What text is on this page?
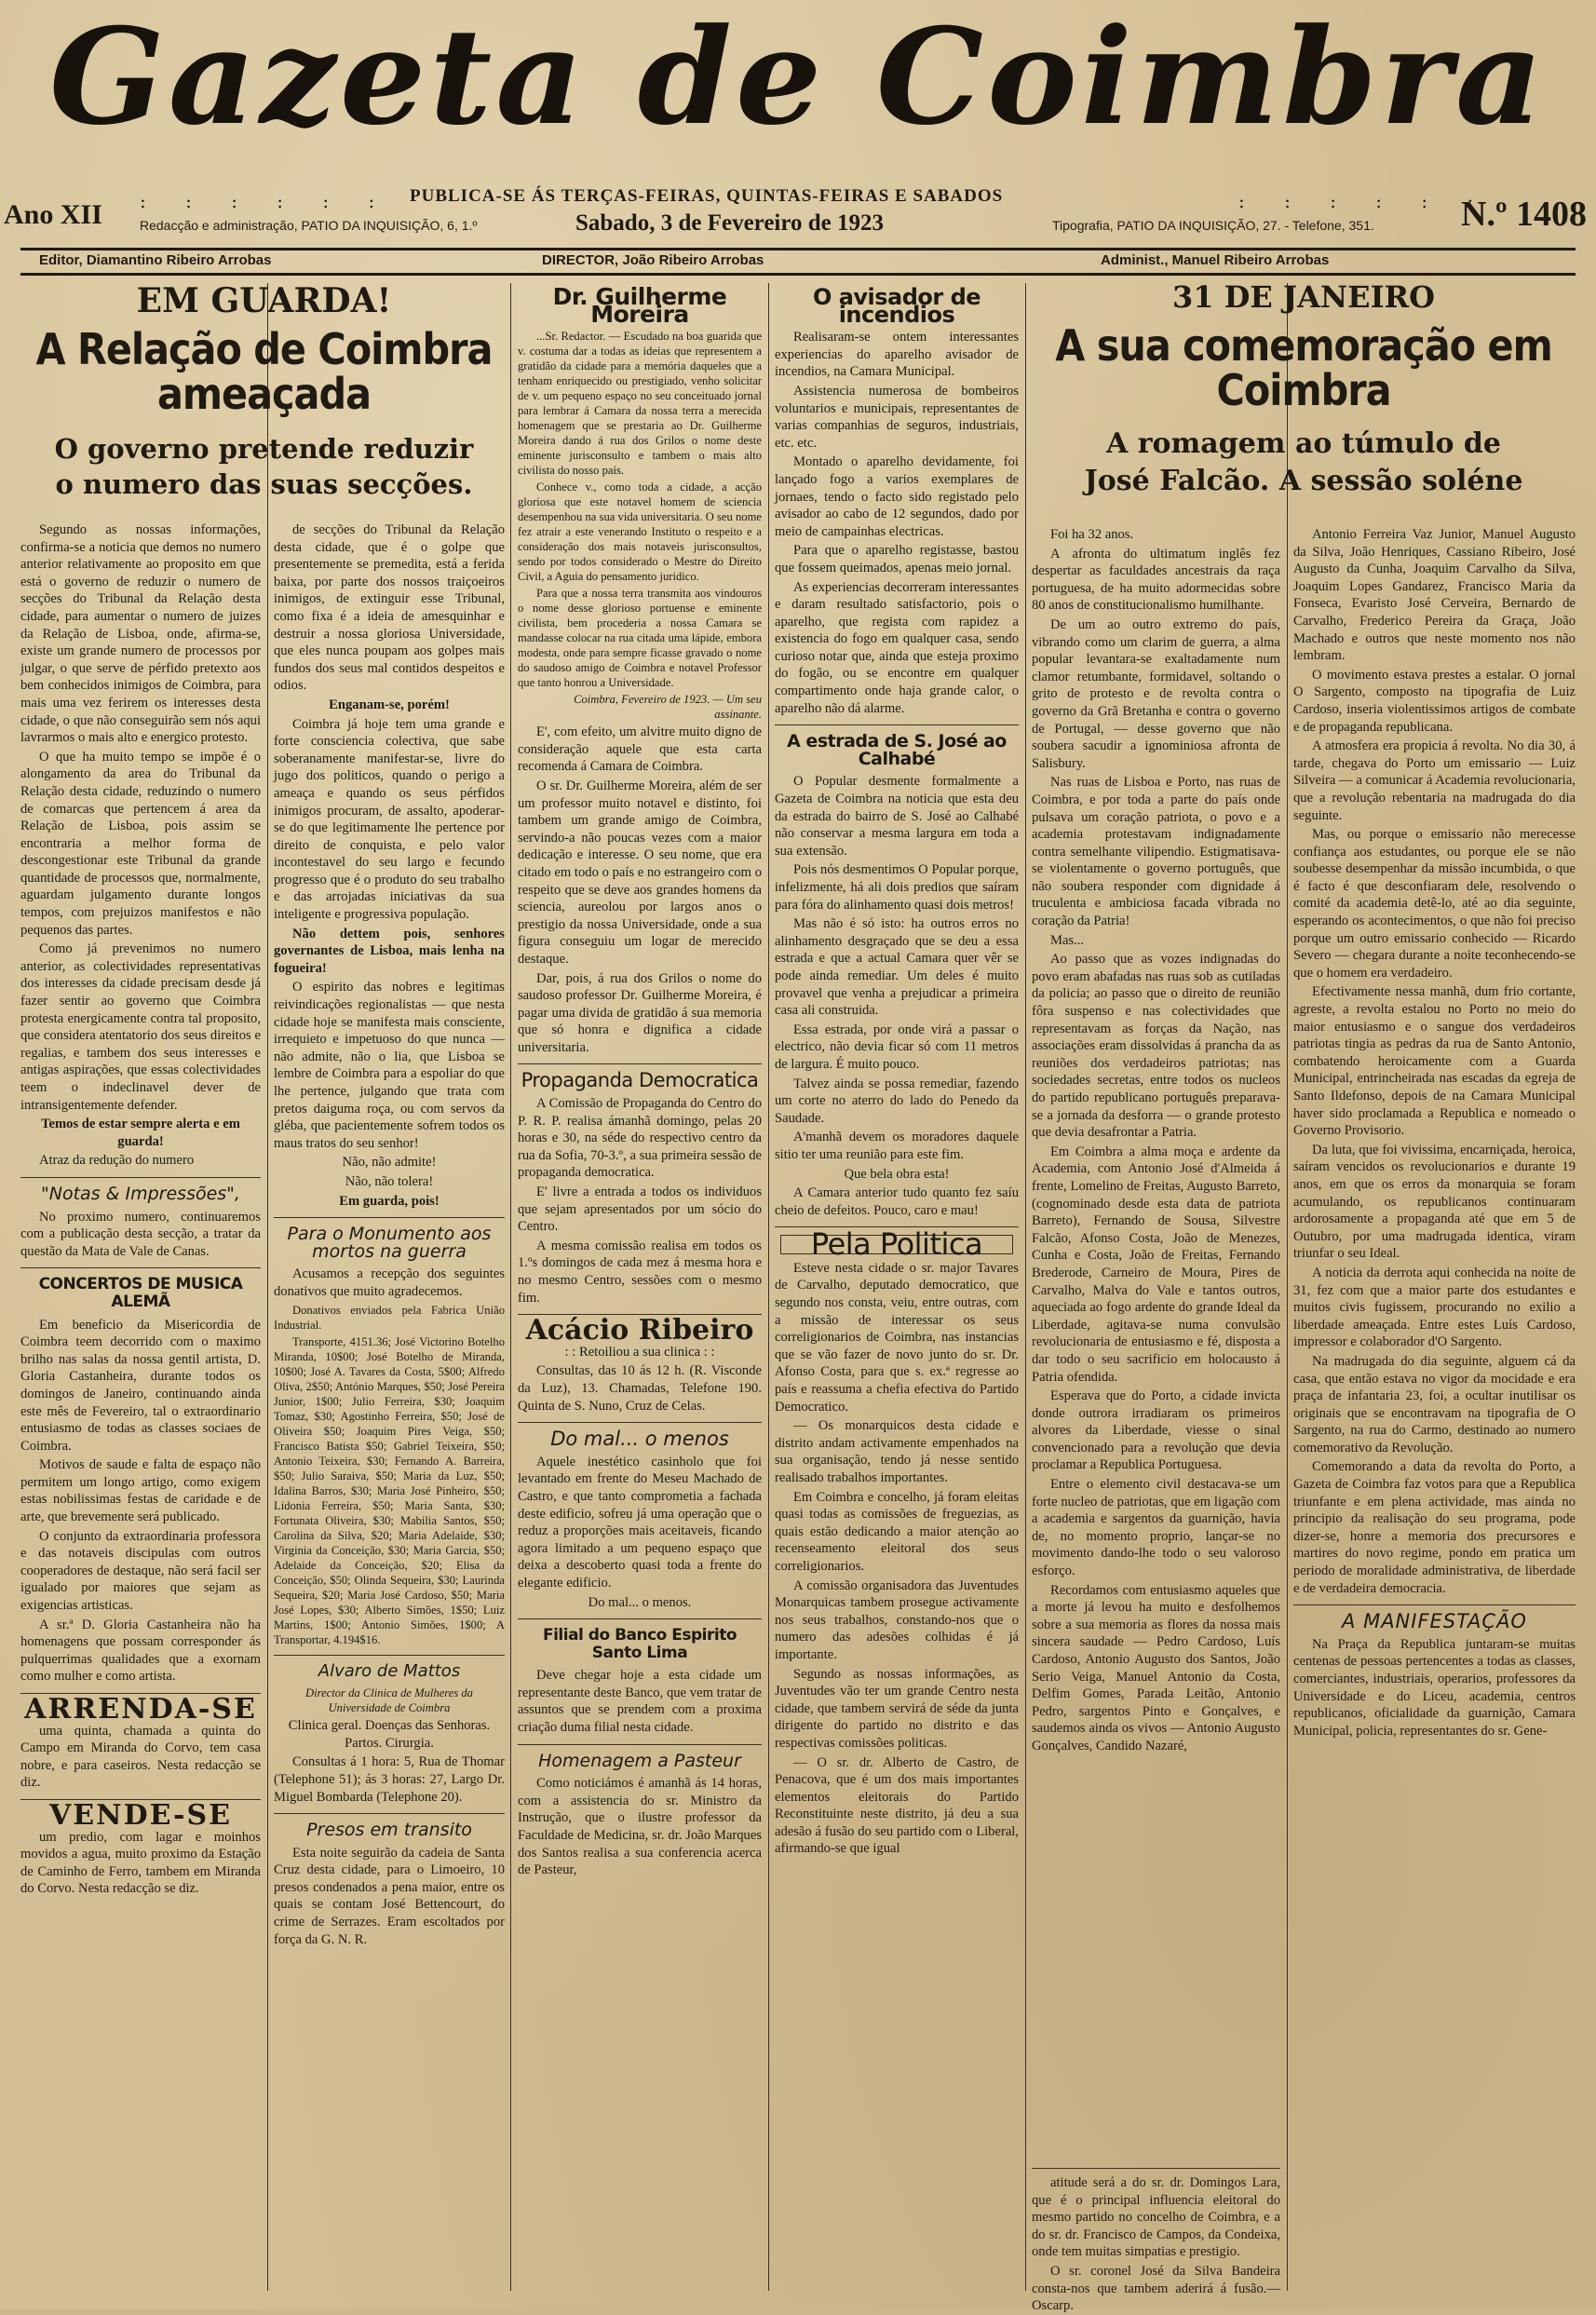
Gazeta de Coimbra
Ano XII : : : : : : PUBLICA-SE ÁS TERÇAS-FEIRAS, QUINTAS-FEIRAS E SABADOS	: : : : : :
N.º 1408
Redacção e administração, PATIO DA INQUISIÇÃO, 6, 1.º	Sabado, 3 de Fevereiro de 1923	Tipografia, PATIO DA INQUISIÇÃO, 27. - Telefone, 351.
Editor, Diamantino Ribeiro Arrobas	DIRECTOR, João Ribeiro Arrobas	Administ., Manuel Ribeiro Arrobas
EM GUARDA!
A Relação de Coimbra ameaçada
O governo pretende reduzir o numero das suas secções.

Segundo as nossas informações, confirma-se a noticia que demos no numero anterior relativamente ao proposito em que está o governo de reduzir o numero de secções do Tribunal da Relação desta cidade, para aumentar o numero de juizes da Relação de Lisboa, onde, afirma-se, existe um grande numero de processos por julgar, o que serve de pérfido pretexto aos bem conhecidos inimigos de Coimbra, para mais uma vez ferirem os interesses desta cidade, o que não conseguirão sem nós aqui lavrarmos o mais alto e energico protesto.

O que ha muito tempo se impõe é o alongamento da area do Tribunal da Relação desta cidade, reduzindo o numero de comarcas que pertencem á area da Relação de Lisboa, pois assim se encontraria a melhor forma de descongestionar este Tribunal da grande quantidade de processos que, normalmente, aguardam julgamento durante longos tempos, com prejuizos manifestos e não pequenos das partes.

Como já prevenimos no numero anterior, as colectividades representativas dos interesses da cidade precisam desde já fazer sentir ao governo que Coimbra protesta energicamente contra tal proposito, que considera atentatorio dos seus direitos e regalias, e tambem dos seus interesses e antigas aspirações, que essas colectividades teem o indeclinavel dever de intransigentemente defender.

Temos de estar sempre alerta e em guarda!

Atraz da redução do numero

"Notas & Impressões",

No proximo numero, continuaremos com a publicação desta secção, a tratar da questão da Mata de Vale de Canas.

CONCERTOS DE MUSICA ALEMÃ

Em beneficio da Misericordia de Coimbra teem decorrido com o maximo brilho nas salas da nossa gentil artista, D. Gloria Castanheira, durante todos os domingos de Janeiro, continuando ainda este mês de Fevereiro, tal o extraordinario entusiasmo de todas as classes sociaes de Coimbra.

Motivos de saude e falta de espaço não permitem um longo artigo, como exigem estas nobilissimas festas de caridade e de arte, que brevemente será publicado.

O conjunto da extraordinaria professora e das notaveis discipulas com outros cooperadores de destaque, não será facil ser igualado por maiores que sejam as exigencias artisticas.

A sr.ª D. Gloria Castanheira não ha homenagens que possam corresponder ás pulquerrimas qualidades que a exornam como mulher e como artista.

ARRENDA-SE

uma quinta, chamada a quinta do Campo em Miranda do Corvo, tem casa nobre, e para caseiros. Nesta redacção se diz.

VENDE-SE

um predio, com lagar e moinhos movidos a agua, muito proximo da Estação de Caminho de Ferro, tambem em Miranda do Corvo. Nesta redacção se diz.

de secções do Tribunal da Relação desta cidade, que é o golpe que presentemente se premedita, está a ferida baixa, por parte dos nossos traiçoeiros inimigos, de extinguir esse Tribunal, como fixa é a ideia de amesquinhar e destruir a nossa gloriosa Universidade, que eles nunca poupam aos golpes mais fundos dos seus mal contidos despeitos e odios.

Enganam-se, porém!

Coimbra já hoje tem uma grande e forte consciencia colectiva, que sabe soberanamente manifestar-se, livre do jugo dos politicos, quando o perigo a ameaça e quando os seus pérfidos inimigos procuram, de assalto, apoderar-se do que legitimamente lhe pertence por direito de conquista, e pelo valor incontestavel do seu largo e fecundo progresso que é o produto do seu trabalho e das arrojadas iniciativas da sua inteligente e progressiva população.

Não dettem pois, senhores governantes de Lisboa, mais lenha na fogueira!

O espirito das nobres e legitimas reivindicações regionalistas — que nesta cidade hoje se manifesta mais consciente, irrequieto e impetuoso do que nunca — não admite, não o lia, que Lisboa se lembre de Coimbra para a espoliar do que lhe pertence, julgando que trata com pretos daiguma roça, ou com servos da gléba, que pacientemente sofrem todos os maus tratos do seu senhor!

Não, não admite!

Não, não tolera!

Em guarda, pois!

Para o Monumento aos mortos na guerra

Acusamos a recepção dos seguintes donativos que muito agradecemos.

Donativos enviados pela Fabrica União Industrial.

Transporte, 4151.36; José Victorino Botelho Miranda, 10$00; José Botelho de Miranda, 10$00; José A. Tavares da Costa, 5$00; Alfredo Oliva, 2$50; António Marques, $50; José Pereira Junior, 1$00; Julio Ferreira, $30; Joaquim Tomaz, $30; Agostinho Ferreira, $50; José de Oliveira $50; Joaquim Pires Veiga, $50; Francisco Batista $50; Gabriel Teixeira, $50; Antonio Teixeira, $30; Fernando A. Barreira, $50; Julio Saraiva, $50; Maria da Luz, $50; Idalina Barros, $30; Maria José Pinheiro, $50; Lidonia Ferreira, $50; Maria Santa, $30; Fortunata Oliveira, $30; Mabilia Santos, $50; Carolina da Silva, $20; Maria Adelaide, $30; Virginia da Conceição, $30; Maria Garcia, $50; Adelaide da Conceição, $20; Elisa da Conceição, $50; Olinda Sequeira, $30; Laurinda Sequeira, $20; Maria José Cardoso, $50; Maria José Lopes, $30; Alberto Simões, 1$50; Luiz Martins, 1$00; Antonio Simões, 1$00; A Transportar, 4.194$16.

Alvaro de Mattos

Director da Clinica de Mulheres da Universidade de Coimbra

Clinica geral. Doenças das Senhoras. Partos. Cirurgia.

Consultas á 1 hora: 5, Rua de Thomar (Telephone 51); ás 3 horas: 27, Largo Dr. Miguel Bombarda (Telephone 20).

Presos em transito

Esta noite seguirão da cadeia de Santa Cruz desta cidade, para o Limoeiro, 10 presos condenados a pena maior, entre os quais se contam José Bettencourt, do crime de Serrazes. Eram escoltados por força da G. N. R.

Dr. Guilherme Moreira

...Sr. Redactor. — Escudado na boa guarida que v. costuma dar a todas as ideias que representem a gratidão da cidade para a memória daqueles que a tenham enriquecido ou prestigiado, venho solicitar de v. um pequeno espaço no seu conceituado jornal para lembrar á Camara da nossa terra a merecida homenagem que se prestaria ao Dr. Guilherme Moreira dando á rua dos Grilos o nome deste eminente jurisconsulto e tambem o mais alto civilista do nosso país.

Conhece v., como toda a cidade, a acção gloriosa que este notavel homem de sciencia desempenhou na sua vida universitaria. O seu nome fez atrair a este venerando Instituto o respeito e a consideração dos mais notaveis jurisconsultos, sendo por todos considerado o Mestre do Direito Civil, a Aguia do pensamento juridico.

Para que a nossa terra transmita aos vindouros o nome desse glorioso portuense e eminente civilista, bem procederia a nossa Camara se mandasse colocar na rua citada uma lápide, embora modesta, onde para sempre ficasse gravado o nome do saudoso amigo de Coimbra e notavel Professor que tanto honrou a Universidade.

Coimbra, Fevereiro de 1923. — Um seu assinante.

E', com efeito, um alvitre muito digno de consideração aquele que esta carta recomenda á Camara de Coimbra.

O sr. Dr. Guilherme Moreira, além de ser um professor muito notavel e distinto, foi tambem um grande amigo de Coimbra, servindo-a não poucas vezes com a maior dedicação e interesse. O seu nome, que era citado em todo o país e no estrangeiro com o respeito que se deve aos grandes homens da sciencia, aureolou por largos anos o prestigio da nossa Universidade, onde a sua figura conseguiu um logar de merecido destaque.

Dar, pois, á rua dos Grilos o nome do saudoso professor Dr. Guilherme Moreira, é pagar uma divida de gratidão á sua memoria que só honra e dignifica a cidade universitaria.

Propaganda Democratica

A Comissão de Propaganda do Centro do P. R. P. realisa ámanhã domingo, pelas 20 horas e 30, na séde do respectivo centro da rua da Sofia, 70-3.º, a sua primeira sessão de propaganda democratica.

E' livre a entrada a todos os individuos que sejam apresentados por um sócio do Centro.

A mesma comissão realisa em todos os 1.ºs domingos de cada mez á mesma hora e no mesmo Centro, sessões com o mesmo fim.

Acácio Ribeiro

: : Retoiliou a sua clinica : :

Consultas, das 10 ás 12 h. (R. Visconde da Luz), 13. Chamadas, Telefone 190. Quinta de S. Nuno, Cruz de Celas.

Do mal... o menos

Aquele inestético casinholo que foi levantado em frente do Meseu Machado de Castro, e que tanto comprometia a fachada deste edificio, sofreu já uma operação que o reduz a proporções mais aceitaveis, ficando agora limitado a um pequeno espaço que deixa a descoberto quasi toda a frente do elegante edificio.

Do mal... o menos.

Filial do Banco Espirito Santo Lima

Deve chegar hoje a esta cidade um representante deste Banco, que vem tratar de assuntos que se prendem com a proxima criação duma filial nesta cidade.

Homenagem a Pasteur

Como noticiámos é amanhã ás 14 horas, com a assistencia do sr. Ministro da Instrução, que o ilustre professor da Faculdade de Medicina, sr. dr. João Marques dos Santos realisa a sua conferencia acerca de Pasteur,

O avisador de incendios

Realisaram-se ontem interessantes experiencias do aparelho avisador de incendios, na Camara Municipal.

Assistencia numerosa de bombeiros voluntarios e municipais, representantes de varias companhias de seguros, industriais, etc. etc.

Montado o aparelho devidamente, foi lançado fogo a varios exemplares de jornaes, tendo o facto sido registado pelo avisador ao cabo de 12 segundos, dado por meio de campainhas electricas.

Para que o aparelho registasse, bastou que fossem queimados, apenas meio jornal.

As experiencias decorreram interessantes e daram resultado satisfactorio, pois o aparelho, que regista com rapidez a existencia do fogo em qualquer casa, sendo curioso notar que, ainda que esteja proximo do fogão, ou se encontre em qualquer compartimento onde haja grande calor, o aparelho não dá alarme.

A estrada de S. José ao Calhabé

O Popular desmente formalmente a Gazeta de Coimbra na noticia que esta deu da estrada do bairro de S. José ao Calhabé não conservar a mesma largura em toda a sua extensão.

Pois nós desmentimos O Popular porque, infelizmente, há ali dois predios que saíram para fóra do alinhamento quasi dois metros!

Mas não é só isto: ha outros erros no alinhamento desgraçado que se deu a essa estrada e que a actual Camara quer vêr se pode ainda remediar. Um deles é muito provavel que venha a prejudicar a primeira casa ali construida.

Essa estrada, por onde virá a passar o electrico, não devia ficar só com 11 metros de largura. É muito pouco.

Talvez ainda se possa remediar, fazendo um corte no aterro do lado do Penedo da Saudade.

A'manhã devem os moradores daquele sitio ter uma reunião para este fim.

Que bela obra esta!

A Camara anterior tudo quanto fez saíu cheio de defeitos. Pouco, caro e mau!

Pela Politica

Esteve nesta cidade o sr. major Tavares de Carvalho, deputado democratico, que segundo nos consta, veiu, entre outras, com a missão de interessar os seus correligionarios de Coimbra, nas instancias que se vão fazer de novo junto do sr. Dr. Afonso Costa, para que s. ex.ª regresse ao país e reassuma a chefia efectiva do Partido Democratico.

— Os monarquicos desta cidade e distrito andam activamente empenhados na sua organisação, tendo já nesse sentido realisado trabalhos importantes.

Em Coimbra e concelho, já foram eleitas quasi todas as comissões de freguezias, as quais estão dedicando a maior atenção ao recenseamento eleitoral dos seus correligionarios.

A comissão organisadora das Juventudes Monarquicas tambem prosegue activamente nos seus trabalhos, constando-nos que o numero das adesões colhidas é já importante.

Segundo as nossas informações, as Juventudes vão ter um grande Centro nesta cidade, que tambem servirá de séde da junta dirigente do partido no distrito e das respectivas comissões politicas.

— O sr. dr. Alberto de Castro, de Penacova, que é um dos mais importantes elementos eleitorais do Partido Reconstituinte neste distrito, já deu a sua adesão á fusão do seu partido com o Liberal, afirmando-se que igual

31 DE JANEIRO
A sua comemoração em Coimbra
A romagem ao túmulo de José Falcão. A sessão soléne

Foi ha 32 anos.

A afronta do ultimatum inglês fez despertar as faculdades ancestrais da raça portuguesa, de ha muito adormecidas sobre 80 anos de constitucionalismo humilhante.

De um ao outro extremo do país, vibrando como um clarim de guerra, a alma popular levantara-se exaltadamente num clamor retumbante, formidavel, soltando o grito de protesto e de revolta contra o governo da Grã Bretanha e contra o governo de Portugal, — desse governo que não soubera sacudir a ignominiosa afronta de Salisbury.

Nas ruas de Lisboa e Porto, nas ruas de Coimbra, e por toda a parte do país onde pulsava um coração patriota, o povo e a academia protestavam indignadamente contra semelhante vilipendio. Estigmatisava-se violentamente o governo português, que não soubera responder com dignidade á truculenta e ambiciosa facada vibrada no coração da Patria!

Mas...

Ao passo que as vozes indignadas do povo eram abafadas nas ruas sob as cutiladas da policia; ao passo que o direito de reunião fôra suspenso e nas colectividades que representavam as forças da Nação, nas associações eram dissolvidas á prancha da as reuniões dos verdadeiros patriotas; nas sociedades secretas, entre todos os nucleos do partido republicano português preparava-se a jornada da desforra — o grande protesto que devia desafrontar a Patria.

Em Coimbra a alma moça e ardente da Academia, com Antonio José d'Almeida á frente, Lomelino de Freitas, Augusto Barreto, (cognominado desde esta data de patriota Barreto), Fernando de Sousa, Silvestre Falcão, Afonso Costa, João de Menezes, Cunha e Costa, João de Freitas, Fernando Brederode, Carneiro de Moura, Pires de Carvalho, Malva do Vale e tantos outros, aqueciada ao fogo ardente do grande Ideal da Liberdade, agitava-se numa convulsão revolucionaria de entusiasmo e fé, disposta a dar todo o seu sacrificio em holocausto á Patria ofendida.

Esperava que do Porto, a cidade invicta donde outrora irradiaram os primeiros alvores da Liberdade, viesse o sinal convencionado para a revolução que devia proclamar a Republica Portuguesa.

Entre o elemento civil destacava-se um forte nucleo de patriotas, que em ligação com a academia e sargentos da guarnição, havia de, no momento proprio, lançar-se no movimento dando-lhe todo o seu valoroso esforço.

Recordamos com entusiasmo aqueles que a morte já levou ha muito e desfolhemos sobre a sua memoria as flores da nossa mais sincera saudade — Pedro Cardoso, Luís Cardoso, Antonio Augusto dos Santos, João Serio Veiga, Manuel Antonio da Costa, Delfim Gomes, Parada Leitão, Antonio Pedro, sargentos Pinto e Gonçalves, e saudemos ainda os vivos — Antonio Augusto Gonçalves, Candido Nazaré,

atitude será a do sr. dr. Domingos Lara, que é o principal influencia eleitoral do mesmo partido no concelho de Coimbra, e a do sr. dr. Francisco de Campos, da Condeixa, onde tem muitas simpatias e prestigio.

O sr. coronel José da Silva Bandeira consta-nos que tambem aderirá á fusão.— Oscarp.

Antonio Ferreira Vaz Junior, Manuel Augusto da Silva, João Henriques, Cassiano Ribeiro, José Augusto da Cunha, Joaquim Carvalho da Silva, Joaquim Lopes Gandarez, Francisco Maria da Fonseca, Evaristo José Cerveira, Bernardo de Carvalho, Frederico Pereira da Graça, João Machado e outros que neste momento nos não lembram.

O movimento estava prestes a estalar. O jornal O Sargento, composto na tipografia de Luiz Cardoso, inseria violentissimos artigos de combate e de propaganda republicana.

A atmosfera era propicia á revolta. No dia 30, á tarde, chegava do Porto um emissario — Luiz Silveira — a comunicar á Academia revolucionaria, que a revolução rebentaria na madrugada do dia seguinte.

Mas, ou porque o emissario não merecesse confiança aos estudantes, ou porque ele se não soubesse desempenhar da missão incumbida, o que é facto é que desconfiaram dele, resolvendo o comité da academia detê-lo, até ao dia seguinte, esperando os acontecimentos, o que não foi preciso porque um outro emissario conhecido — Ricardo Severo — chegara durante a noite teconhecendo-se que o homem era verdadeiro.

Efectivamente nessa manhã, dum frio cortante, agreste, a revolta estalou no Porto no meio do maior entusiasmo e o sangue dos verdadeiros patriotas tingia as pedras da rua de Santo Antonio, combatendo heroicamente com a Guarda Municipal, entrincheirada nas escadas da egreja de Santo Ildefonso, depois de na Camara Municipal haver sido proclamada a Republica e nomeado o Governo Provisorio.

Da luta, que foi vivissima, encarniçada, heroica, saíram vencidos os revolucionarios e durante 19 anos, em que os erros da monarquia se foram acumulando, os republicanos continuaram ardorosamente a propaganda até que em 5 de Outubro, por uma madrugada identica, viram triunfar o seu Ideal.

A noticia da derrota aqui conhecida na noite de 31, fez com que a maior parte dos estudantes e muitos civis fugissem, procurando no exilio a liberdade ameaçada. Entre estes Luís Cardoso, impressor e colaborador d'O Sargento.

Na madrugada do dia seguinte, alguem cá da casa, que então estava no vigor da mocidade e era praça de infantaria 23, foi, a ocultar inutilisar os originais que se encontravam na tipografia de O Sargento, na rua do Carmo, destinado ao numero comemorativo da Revolução.

Comemorando a data da revolta do Porto, a Gazeta de Coimbra faz votos para que a Republica triunfante e em plena actividade, mas ainda no principio da realisação do seu programa, pode dizer-se, honre a memoria dos precursores e martires do novo regime, pondo em pratica um periodo de moralidade administrativa, de liberdade e de verdadeira democracia.

A MANIFESTAÇÃO

Na Praça da Republica juntaram-se muitas centenas de pessoas pertencentes a todas as classes, comerciantes, industriais, operarios, professores da Universidade e do Liceu, academia, centros republicanos, oficialidade da guarnição, Camara Municipal, policia, representantes do sr. Gene-
